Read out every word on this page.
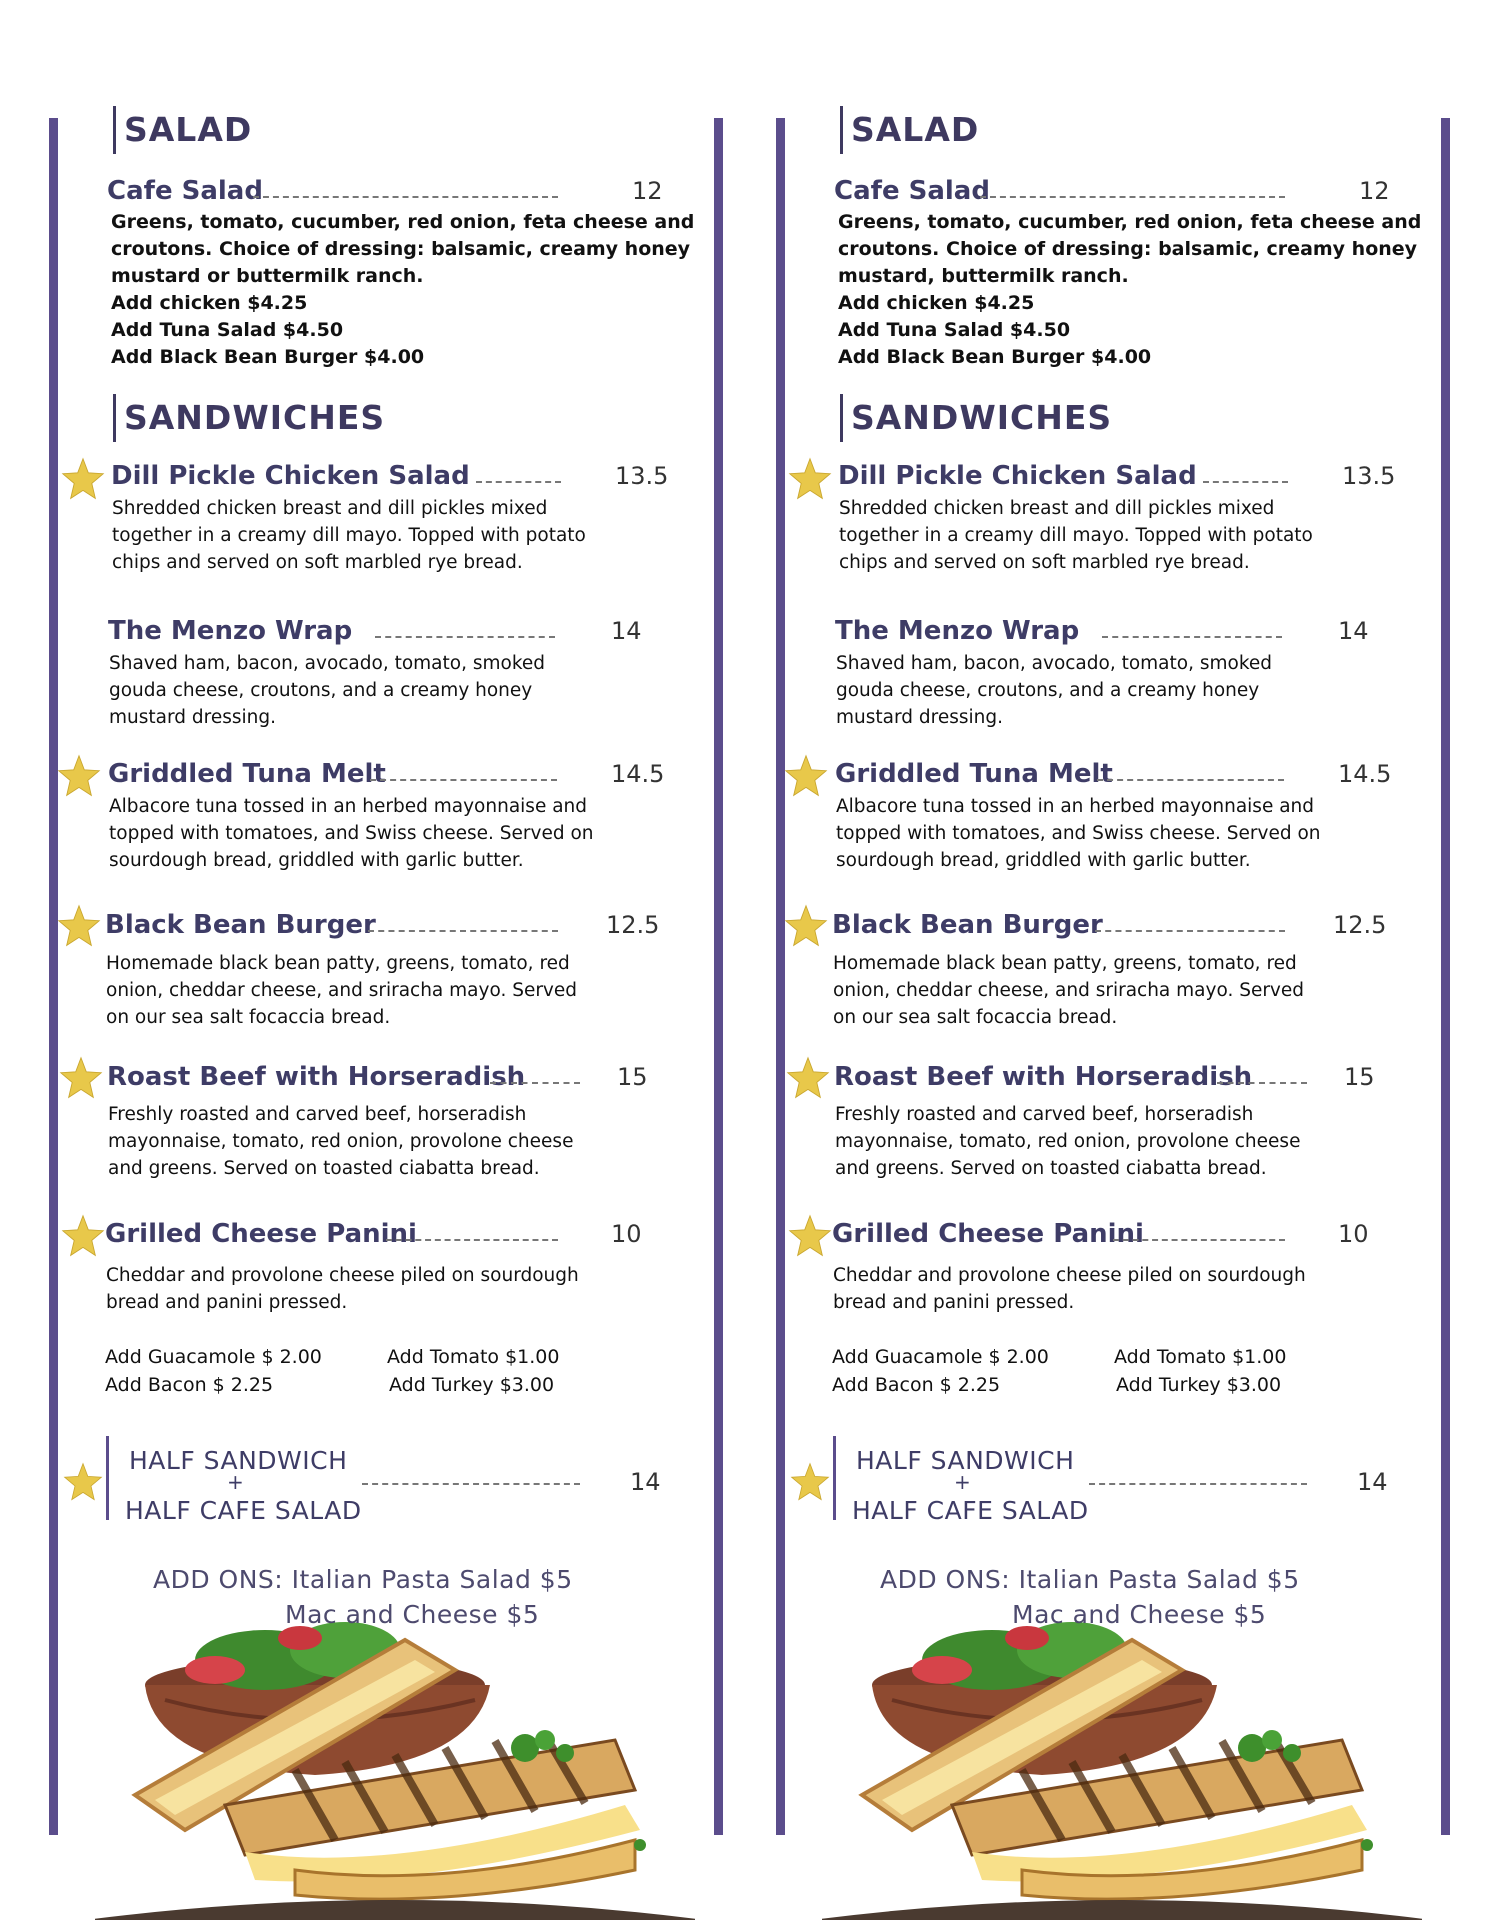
SALAD
Cafe Salad	12
Greens, tomato, cucumber, red onion, feta cheese and
croutons. Choice of dressing: balsamic, creamy honey
mustard or buttermilk ranch.
Add chicken $4.25
Add Tuna Salad $4.50
Add Black Bean Burger $4.00
SANDWICHES
Dill Pickle Chicken Salad	13.5
Shredded chicken breast and dill pickles mixed
together in a creamy dill mayo. Topped with potato
chips and served on soft marbled rye bread.
The Menzo Wrap	14
Shaved ham, bacon, avocado, tomato, smoked
gouda cheese, croutons, and a creamy honey
mustard dressing.
Griddled Tuna Melt	14.5
Albacore tuna tossed in an herbed mayonnaise and
topped with tomatoes, and Swiss cheese. Served on
sourdough bread, griddled with garlic butter.
Black Bean Burger	12.5
Homemade black bean patty, greens, tomato, red
onion, cheddar cheese, and sriracha mayo. Served
on our sea salt focaccia bread.
Roast Beef with Horseradish	15
Freshly roasted and carved beef, horseradish
mayonnaise, tomato, red onion, provolone cheese
and greens. Served on toasted ciabatta bread.
Grilled Cheese Panini	10
Cheddar and provolone cheese piled on sourdough
bread and panini pressed.
Add Guacamole $ 2.00
Add Bacon $ 2.25
Add Tomato $1.00
Add Turkey $3.00
HALF SANDWICH
+
HALF CAFE SALAD
14
ADD ONS: Italian Pasta Salad $5
Mac and Cheese $5
SALAD
Cafe Salad	12
Greens, tomato, cucumber, red onion, feta cheese and
croutons. Choice of dressing: balsamic, creamy honey
mustard, buttermilk ranch.
Add chicken $4.25
Add Tuna Salad $4.50
Add Black Bean Burger $4.00
SANDWICHES
Dill Pickle Chicken Salad	13.5
Shredded chicken breast and dill pickles mixed
together in a creamy dill mayo. Topped with potato
chips and served on soft marbled rye bread.
The Menzo Wrap	14
Shaved ham, bacon, avocado, tomato, smoked
gouda cheese, croutons, and a creamy honey
mustard dressing.
Griddled Tuna Melt	14.5
Albacore tuna tossed in an herbed mayonnaise and
topped with tomatoes, and Swiss cheese. Served on
sourdough bread, griddled with garlic butter.
Black Bean Burger	12.5
Homemade black bean patty, greens, tomato, red
onion, cheddar cheese, and sriracha mayo. Served
on our sea salt focaccia bread.
Roast Beef with Horseradish	15
Freshly roasted and carved beef, horseradish
mayonnaise, tomato, red onion, provolone cheese
and greens. Served on toasted ciabatta bread.
Grilled Cheese Panini	10
Cheddar and provolone cheese piled on sourdough
bread and panini pressed.
Add Guacamole $ 2.00
Add Bacon $ 2.25
Add Tomato $1.00
Add Turkey $3.00
HALF SANDWICH
+
HALF CAFE SALAD
14
ADD ONS: Italian Pasta Salad $5
Mac and Cheese $5
